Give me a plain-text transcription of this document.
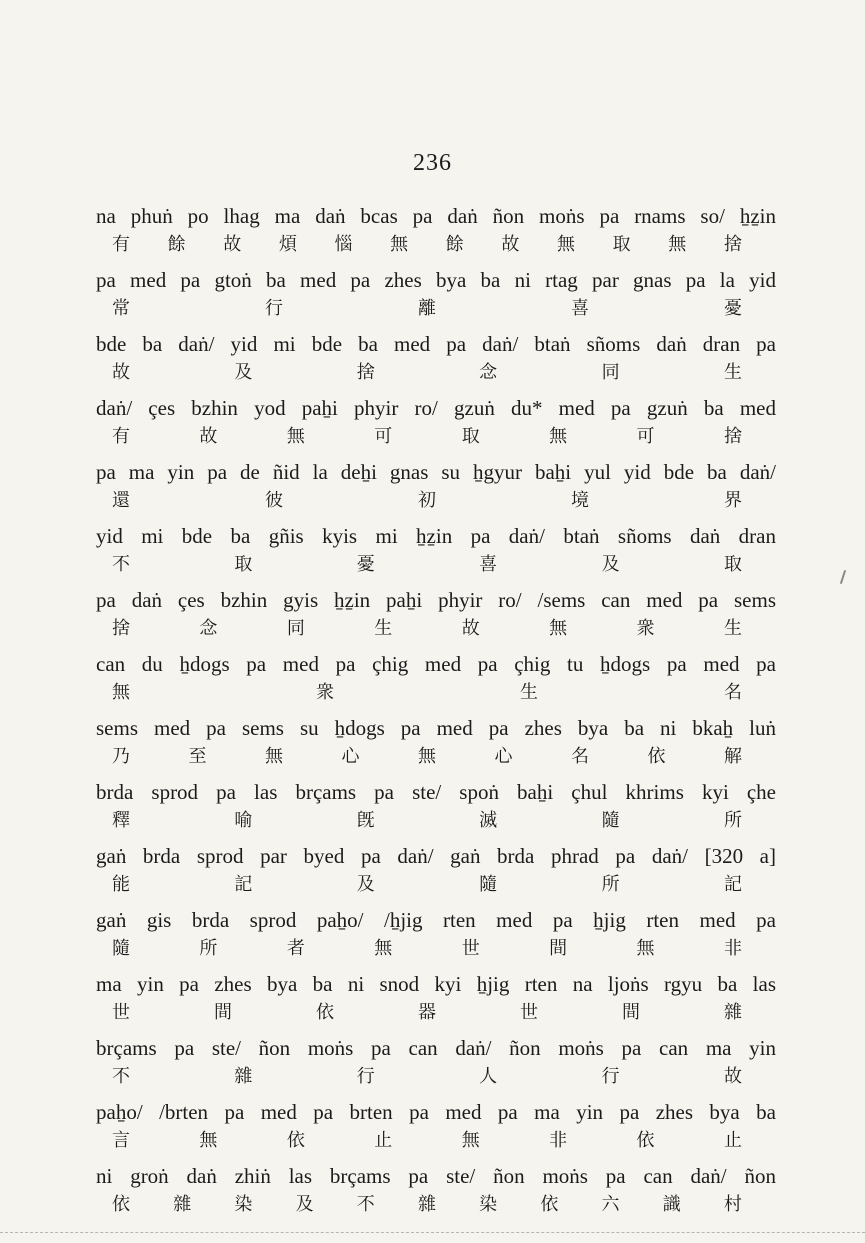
236
na phuṅ po lhag ma daṅ bcas pa daṅ ñon moṅs pa rnams so/ ẖẕin
有 餘 故 煩 惱 無 餘 故 無 取 無 捨
pa med pa gtoṅ ba med pa zhes bya ba ni rtag par gnas pa la yid
常	行	離	喜	憂
bde ba daṅ/ yid mi bde ba med pa daṅ/ btaṅ sñoms daṅ dran pa
故	及	捨	念	同	生
daṅ/ çes bzhin yod paẖi phyir ro/ gzuṅ du* med pa gzuṅ ba med
有	故	無	可	取	無	可	捨
pa ma yin pa de ñid la deẖi gnas su ẖgyur baẖi yul yid bde ba daṅ/
還	彼	初	境	界
yid mi bde ba gñis kyis mi ẖẕin pa daṅ/ btaṅ sñoms daṅ dran
不	取	憂	喜	及	取
pa daṅ çes bzhin gyis ẖẕin paẖi phyir ro/ /sems can med pa sems
捨	念	同	生	故	無	衆	生
can du ẖdogs pa med pa çhig med pa çhig tu ẖdogs pa med pa
無	衆	生	名
sems med pa sems su ẖdogs pa med pa zhes bya ba ni bkaẖ luṅ
乃	至	無	心	無	心	名	依	解
brda sprod pa las brçams pa ste/ spoṅ baẖi çhul khrims kyi çhe
釋	喻	旣	滅	隨	所
gaṅ brda sprod par byed pa daṅ/ gaṅ brda phrad pa daṅ/ [320 a]
能	記	及	隨	所	記
gaṅ gis brda sprod paẖo/ /ẖjig rten med pa ẖjig rten med pa
隨	所	者	無	世	間	無	非
ma yin pa zhes bya ba ni snod kyi ẖjig rten na ljoṅs rgyu ba las
世	間	依	器	世	間	雜
brçams pa ste/ ñon moṅs pa can daṅ/ ñon moṅs pa can ma yin
不	雜	行	人	行	故
paẖo/ /brten pa med pa brten pa med pa ma yin pa zhes bya ba
言	無	依	止	無	非	依	止
ni groṅ daṅ zhiṅ las brçams pa ste/ ñon moṅs pa can daṅ/ ñon
依 雜 染 及 不 雜 染 依 六 識 村
